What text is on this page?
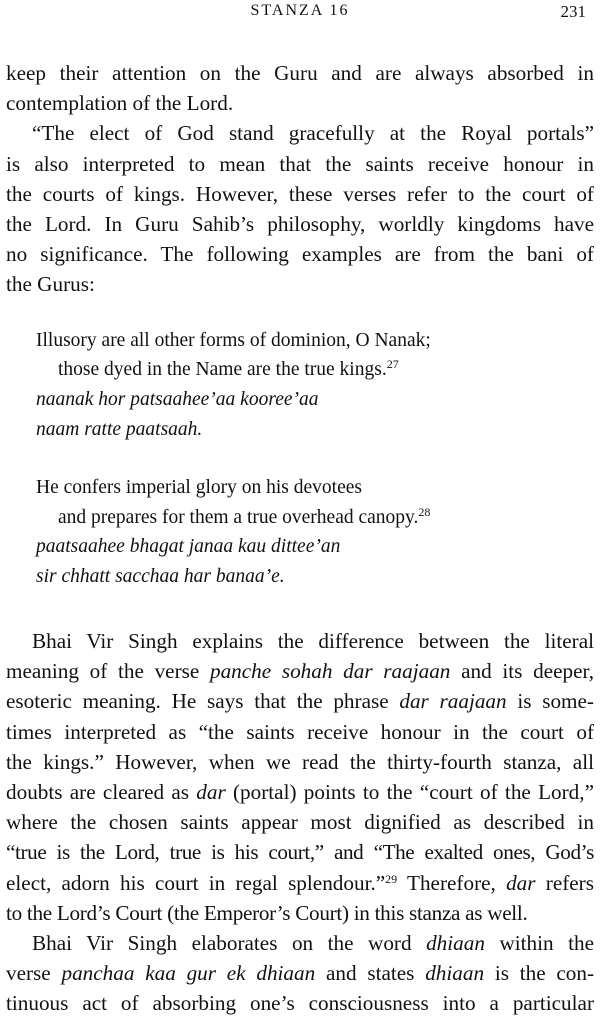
STANZA 16	231

keep their attention on the Guru and are always absorbed in
contemplation of the Lord.

“The elect of God stand gracefully at the Royal portals”
is also interpreted to mean that the saints receive honour in
the courts of kings. However, these verses refer to the court of
the Lord. In Guru Sahib’s philosophy, worldly kingdoms have
no significance. The following examples are from the bani of
the Gurus:

Illusory are all other forms of dominion, O Nanak;
those dyed in the Name are the true kings.$^{27}$
naanak hor patsaahee’aa kooree’aa
naam ratte paatsaah.
He confers imperial glory on his devotees
and prepares for them a true overhead canopy.$^{28}$
paatsaahee bhagat janaa kau dittee’an
sir chhatt sacchaa har banaa’e.

Bhai Vir Singh explains the difference between the literal
meaning of the verse panche sohah dar raajaan and its deeper,
esoteric meaning. He says that the phrase dar raajaan is some-
times interpreted as “the saints receive honour in the court of
the kings.” However, when we read the thirty-fourth stanza, all
doubts are cleared as dar (portal) points to the “court of the Lord,”
where the chosen saints appear most dignified as described in
“true is the Lord, true is his court,” and “The exalted ones, God’s
elect, adorn his court in regal splendour.”$^{29}$ Therefore, dar refers
to the Lord’s Court (the Emperor’s Court) in this stanza as well.

Bhai Vir Singh elaborates on the word dhiaan within the
verse panchaa kaa gur ek dhiaan and states dhiaan is the con-
tinuous act of absorbing one’s consciousness into a particular
